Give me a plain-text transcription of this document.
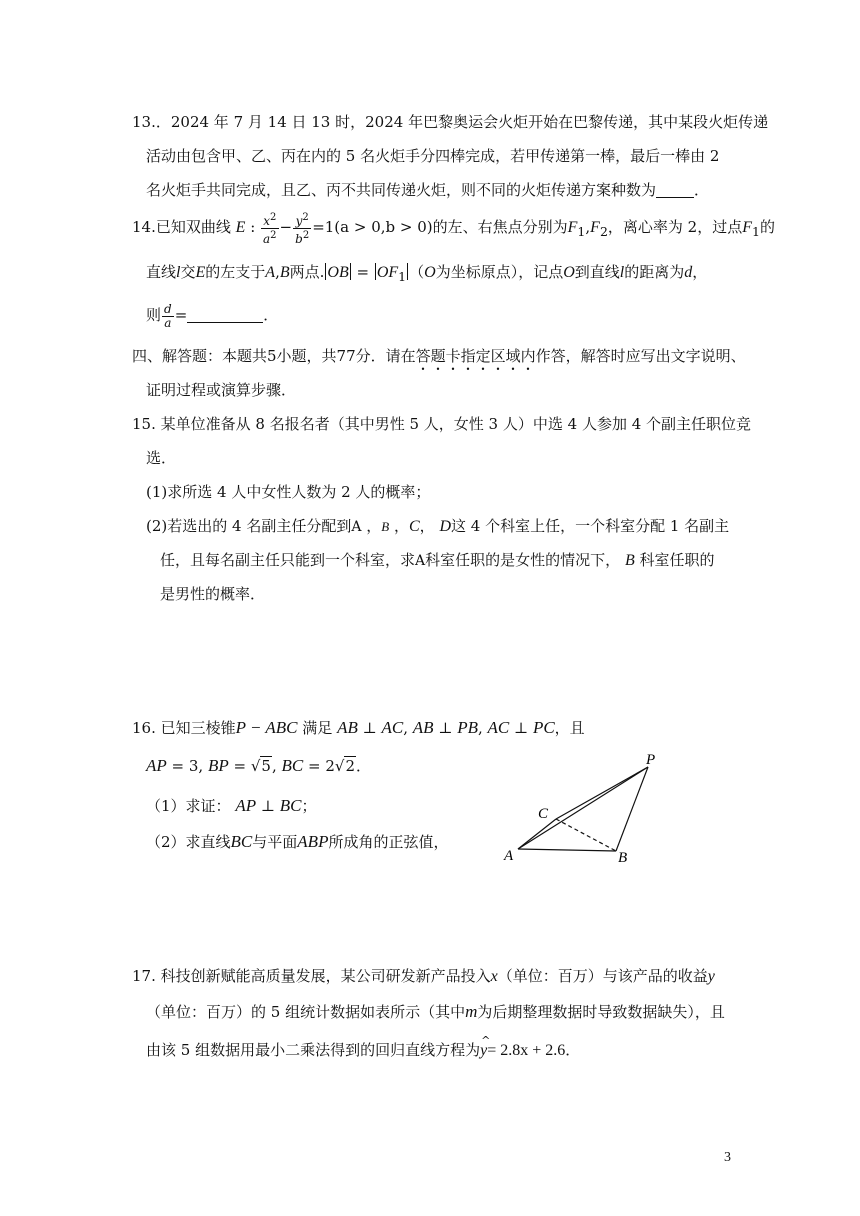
13.．2024 年 7 月 14 日 13 时，2024 年巴黎奥运会火炬开始在巴黎传递，其中某段火炬传递
活动由包含甲、乙、丙在内的 5 名火炬手分四棒完成，若甲传递第一棒，最后一棒由 2
名火炬手共同完成，且乙、丙不共同传递火炬，则不同的火炬传递方案种数为	．
14.已知双曲线 E : $\frac{x^2}{a^2} - \frac{y^2}{b^2} =1(a > 0,b > 0)$的左、右焦点分别为$F_1,F_2$，离心率为 2，过点$F_1$的
直线l交E的左支于A,B两点. OB = $OF_1$ （O为坐标原点），记点O到直线l的距离为d，
则 $\frac{d}{a}$ =	．
四、解答题：本题共5小题，共77分．请在答题卡指定区域内作答，解答时应写出文字说明、
证明过程或演算步骤．
15. 某单位准备从 8 名报名者（其中男性 5 人，女性 3 人）中选 4 人参加 4 个副主任职位竞
选．
(1)求所选 4 人中女性人数为 2 人的概率；
(2)若选出的 4 名副主任分配到A ，B ，C， D这 4 个科室上任，一个科室分配 1 名副主
任，且每名副主任只能到一个科室，求A科室任职的是女性的情况下， B 科室任职的
是男性的概率．
16. 已知三棱锥P − ABC 满足 AB ⊥ AC, AB ⊥ PB, AC ⊥ PC，且
AP = 3, BP = √5, BC = 2√2．
（1）求证： AP ⊥ BC；
（2）求直线BC与平面ABP所成角的正弦值，
P
C
A	B
17. 科技创新赋能高质量发展，某公司研发新产品投入x（单位：百万）与该产品的收益y
（单位：百万）的 5 组统计数据如表所示（其中m为后期整理数据时导致数据缺失），且
由该 5 组数据用最小二乘法得到的回归直线方程为
^
y= 2.8x + 2.6．
3
